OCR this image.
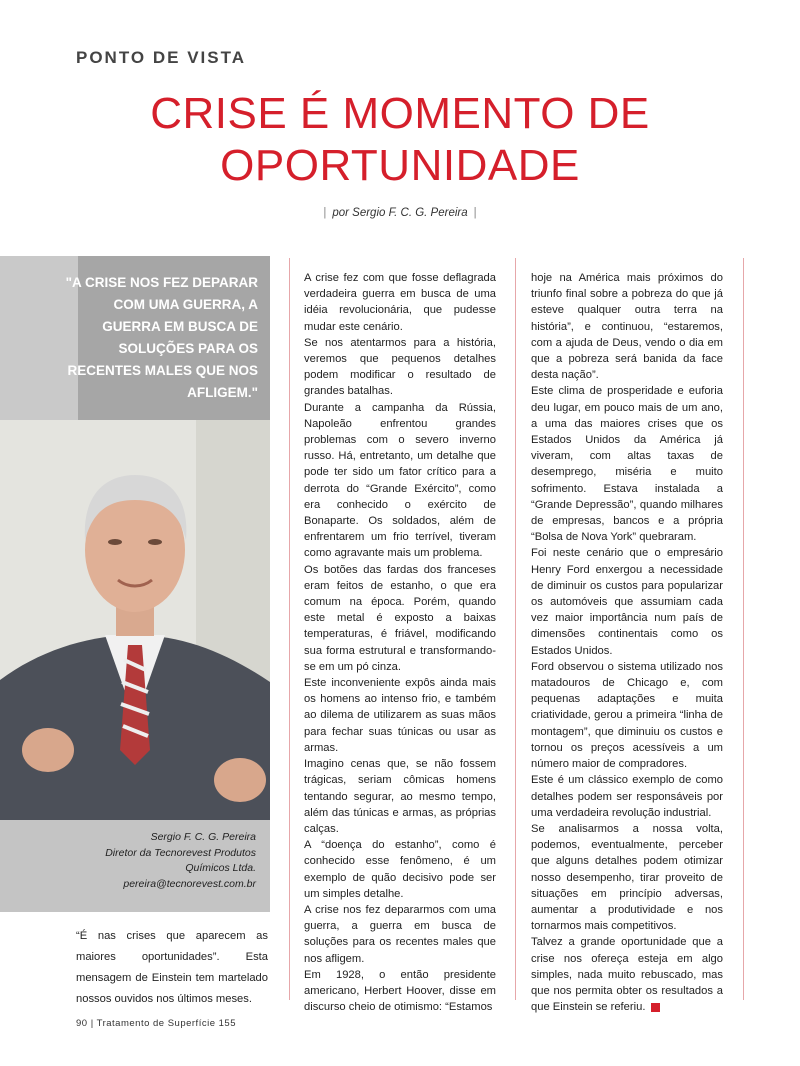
PONTO DE VISTA
CRISE É MOMENTO DE
OPORTUNIDADE
| por Sergio F. C. G. Pereira |
"A CRISE NOS FEZ DEPARAR COM UMA GUERRA, A GUERRA EM BUSCA DE SOLUÇÕES PARA OS RECENTES MALES QUE NOS AFLIGEM."
Sergio F. C. G. Pereira
Diretor da Tecnorevest Produtos
Químicos Ltda.
pereira@tecnorevest.com.br
“É nas crises que aparecem as maiores oportunidades”. Esta mensagem de Einstein tem martelado nossos ouvidos nos últimos meses.

A crise fez com que fosse deflagrada verdadeira guerra em busca de uma idéia revolucionária, que pudesse mudar este cenário.

Se nos atentarmos para a história, veremos que pequenos detalhes podem modificar o resultado de grandes batalhas.

Durante a campanha da Rússia, Napoleão enfrentou grandes problemas com o severo inverno russo. Há, entretanto, um detalhe que pode ter sido um fator crítico para a derrota do “Grande Exército”, como era conhecido o exército de Bonaparte. Os soldados, além de enfrentarem um frio terrível, tiveram como agravante mais um problema.

Os botões das fardas dos franceses eram feitos de estanho, o que era comum na época. Porém, quando este metal é exposto a baixas temperaturas, é friável, modificando sua forma estrutural e transformando-se em um pó cinza.

Este inconveniente expôs ainda mais os homens ao intenso frio, e também ao dilema de utilizarem as suas mãos para fechar suas túnicas ou usar as armas.

Imagino cenas que, se não fossem trágicas, seriam cômicas homens tentando segurar, ao mesmo tempo, além das túnicas e armas, as próprias calças.

A “doença do estanho”, como é conhecido esse fenômeno, é um exemplo de quão decisivo pode ser um simples detalhe.

A crise nos fez depararmos com uma guerra, a guerra em busca de soluções para os recentes males que nos afligem.

Em 1928, o então presidente americano, Herbert Hoover, disse em discurso cheio de otimismo: “Estamos

hoje na América mais próximos do triunfo final sobre a pobreza do que já esteve qualquer outra terra na história”, e continuou, “estaremos, com a ajuda de Deus, vendo o dia em que a pobreza será banida da face desta nação”.

Este clima de prosperidade e euforia deu lugar, em pouco mais de um ano, a uma das maiores crises que os Estados Unidos da América já viveram, com altas taxas de desemprego, miséria e muito sofrimento. Estava instalada a “Grande Depressão”, quando milhares de empresas, bancos e a própria “Bolsa de Nova York” quebraram.

Foi neste cenário que o empresário Henry Ford enxergou a necessidade de diminuir os custos para popularizar os automóveis que assumiam cada vez maior importância num país de dimensões continentais como os Estados Unidos.

Ford observou o sistema utilizado nos matadouros de Chicago e, com pequenas adaptações e muita criatividade, gerou a primeira “linha de montagem”, que diminuiu os custos e tornou os preços acessíveis a um número maior de compradores.

Este é um clássico exemplo de como detalhes podem ser responsáveis por uma verdadeira revolução industrial.

Se analisarmos a nossa volta, podemos, eventualmente, perceber que alguns detalhes podem otimizar nosso desempenho, tirar proveito de situações em princípio adversas, aumentar a produtividade e nos tornarmos mais competitivos.

Talvez a grande oportunidade que a crise nos ofereça esteja em algo simples, nada muito rebuscado, mas que nos permita obter os resultados a que Einstein se referiu.

90 | Tratamento de Superfície 155
